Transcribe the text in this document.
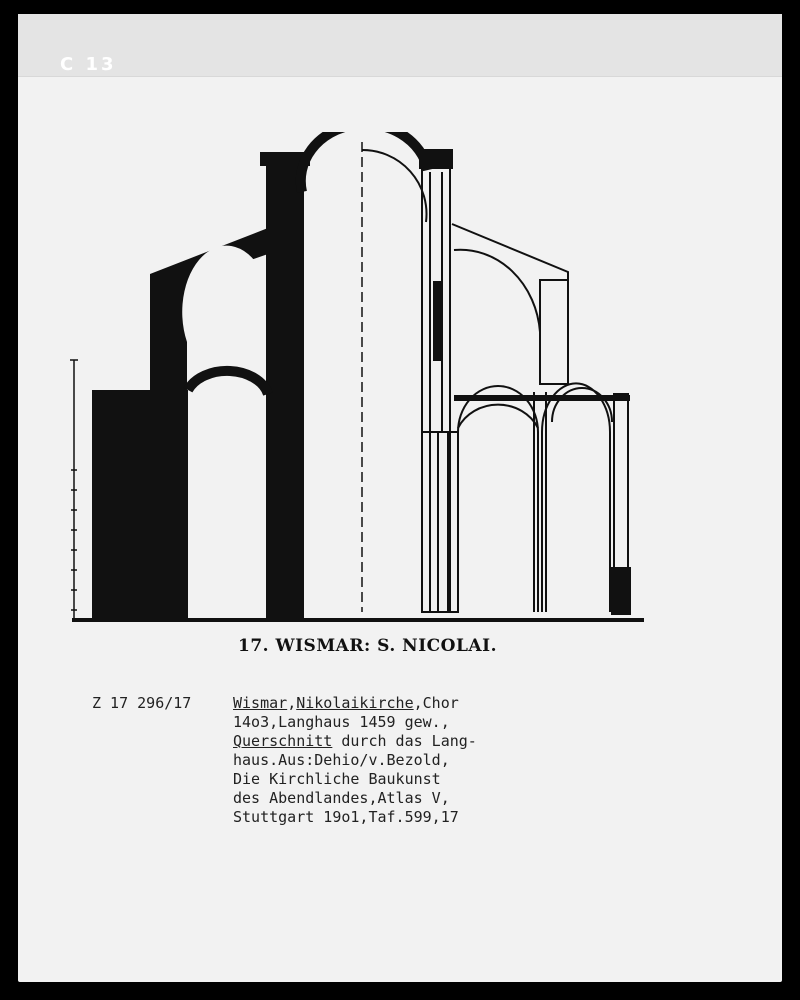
C 13
17. WISMAR: S. NICOLAI.
Z 17 296/17	Wismar,Nikolaikirche,Chor
14o3,Langhaus 1459 gew.,
Querschnitt durch das Lang-
haus.Aus:Dehio/v.Bezold,
Die Kirchliche Baukunst
des Abendlandes,Atlas V,
Stuttgart 19o1,Taf.599,17
